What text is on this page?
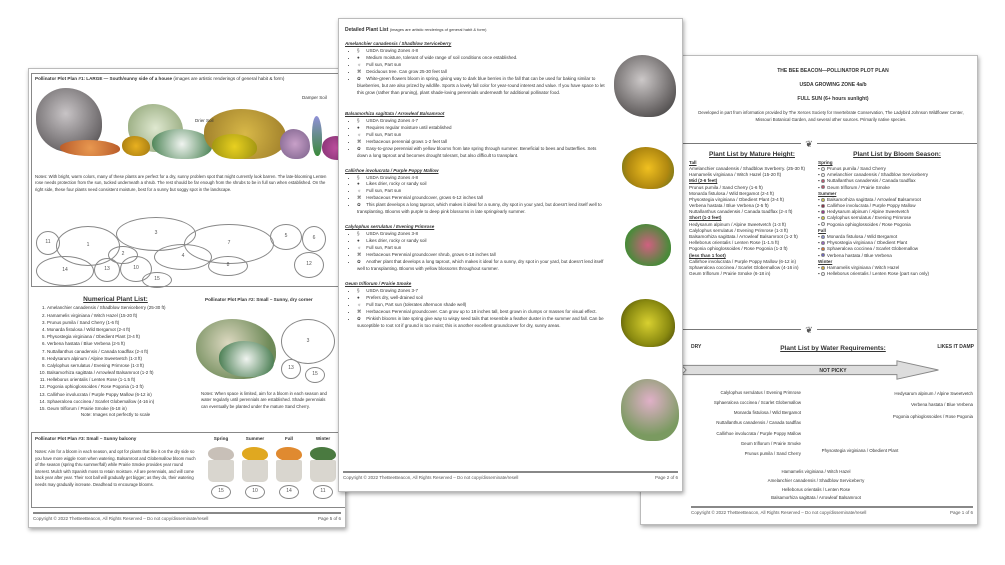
Pollinator Plot Plan #1: LARGE — South/sunny side of a house (images are artistic renderings of general habit & form)
Drier Soil
Damper Soil
Notes: With bright, warm colors, many of these plants are perfect for a dry, sunny problem spot that might currently look barren. The late-blooming Lenten rose needs protection from the sun, tucked underneath a shrub. The rest should be far enough from the shrubs to be in full sun when established. On the right side, these four plants need consistent moisture, best for a sunny but soggy spot in the landscape.
11	1
3
7
5	6
2	4
8
14	13	10
15
12
Numerical Plant List:
1. Amelanchier canadensis / Shadblow Serviceberry (25-30 ft)
2. Hamamelis virginiana / Witch Hazel (15-20 ft)
3. Prunus pumila / Sand Cherry (1-6 ft)
4. Monarda fistulosa / Wild Bergamot (2-4 ft)
5. Physostegia virginiana / Obedient Plant (3-4 ft)
6. Verbena hastata / Blue Verbena (2-5 ft)
7. Nuttallanthus canadensis / Canada toadflax (2-4 ft)
8. Hedysarum alpinum / Alpine Sweetvetch (1-3 ft)
9. Calylophus serrulatus / Evening Primrose (1-3 ft)
10. Balsamorhiza sagittata / Arrowleaf Balsamroot (1-2 ft)
11. Helleborus orientalis / Lenten Rose (1-1.5 ft)
12. Pogonia ophioglossoides / Rose Pogonia (1-3 ft)
13. Callirhoe involucrata / Purple Poppy Mallow (6-12 in)
14. Sphaeralcea coccinea / Scarlet Globemallow (4-16 in)
15. Geum triflorum / Prairie Smoke (6-18 in)
Note: Images not perfectly to scale
Pollinator Plot Plan #2: Small – Sunny, dry corner
3
13
15
Notes: When space is limited, aim for a bloom in each season and water regularly until perennials are established. Shade perennials can eventually be planted under the mature Sand Cherry.
Pollinator Plot Plan #3: Small – Sunny balcony
Notes: Aim for a bloom in each season, and opt for plants that like it on the dry side so you have more wiggle room when watering. Balsamroot and Globemallow bloom much of the season (spring thru summer/fall) while Prairie Smoke provides year round interest. Mulch with Spanish moss to retain moisture. All are perennials, and will come back year after year. Their root ball will gradually get bigger; as they do, their watering needs may gradually increase. Deadhead to encourage blooms.
Spring
15
Summer
10
Fall
14
Winter
11
Copyright © 2022 TheBeeBeacon, All Rights Reserved – Do not copy/disseminate/resell	Page 5 of 6
THE BEE BEACON—POLLINATOR PLOT PLAN
USDA GROWING ZONE 4a/b
FULL SUN (6+ hours sunlight)
Developed in part from information provided by The Xerces Society for Invertebrate Conservation, The Ladybird Johnson Wildflower Center, Missouri Botanical Garden, and several other sources. Primarily native species.
❦
Plant List by Mature Height:
Tall
Amelanchier canadensis / Shadblow Sverberry. (25-30 ft)
Hamamelis virginiana / Witch Hazel (15-20 ft)
Mid (2-6 feet)
Prunus pumila / Sand Cherry (1-6 ft)
Monarda fistulosa / Wild Bergamot (2-4 ft)
Physostegia virginiana / Obedient Plant (3-4 ft)
Verbena hastata / Blue Verbena (2-5 ft)
Nuttallanthus canadensis / Canada toadflax (2-4 ft)
Short (1-3 feet)
Hedysarum alpinum / Alpine Sweetvetch (1-3 ft)
Calylophus serrulatus / Evening Primrose (1-3 ft)
Balsamorhiza sagittata / Arrowleaf Balsamroot (1-2 ft)
Helleborus orientalis / Lenten Rose (1-1.5 ft)
Pogonia ophioglossoides / Rose Pogonia (1-3 ft)
(less than 1 foot)
Callirhoe involucrata / Purple Poppy Mallow (6-12 in)
Sphaeralcea coccinea / Scarlet Globemallow (4-16 in)
Geum triflorum / Prairie Smoke (6-18 in)
Plant List by Bloom Season:
Spring
▪ Prunus pumila / Sand Cherry
▪ Amelanchier canadensis / Shadblow Serviceberry
▪ Nuttallanthus canadensis / Canada toadflax
▪ Geum triflorum / Prairie Smoke
Summer
▪ Balsamorhiza sagittata / Arrowleaf Balsamroot
▪ Callirhoe involucrata / Purple Poppy Mallow
▪ Hedysarum alpinum / Alpine Sweetvetch
▪ Calylophus serrulatus / Evening Primrose
▪ Pogonia ophioglossoides / Rose Pogonia
Fall
▪ Monarda fistulosa / Wild Bergamot
▪ Physostegia virginiana / Obedient Plant
▪ Sphaeralcea coccinea / Scarlet Globemallow
▪ Verbena hastata / Blue Verbena
Winter
▪ Hamamelis virginiana / Witch Hazel
▪ Helleborus orientalis / Lenten Rose (part sun only)
❦
Plant List by Water Requirements:
DRY	LIKES IT DAMP
NOT PICKY
Calylophus serrulatus / Evening Primrose
Sphaeralcea coccinea / Scarlet Globemallow
Monarda fistulosa / Wild Bergamot
Nuttallanthus canadensis / Canada toadflax
Callirhoe involucrata / Purple Poppy Mallow
Geum triflorum / Prairie Smoke
Prunus pumila / Sand Cherry
Hamamelis virginiana / Witch Hazel
Amelanchier canadensis / Shadblow Serviceberry
Helleborus orientalis / Lenten Rose
Balsamorhiza sagittata / Arrowleaf Balsamroot
Physostegia virginiana / Obedient Plant
Hedysarum alpinum / Alpine Sweetvetch
Verbena hastata / Blue Verbena
Pogonia ophioglossoides / Rose Pogonia
Copyright © 2022 TheBeeBeacon, All Rights Reserved – Do not copy/disseminate/resell	Page 1 of 6
Detailed Plant List (images are artistic renderings of general habit & form)
Amelanchier canadensis / Shadblow Serviceberry
• § USDA Growing Zones 4-8
• ● Medium moisture, tolerant of wide range of soil conditions once established.
• ☼ Full sun, Part sun
• ⌘ Deciduous tree. Can grow 25-30 feet tall
• ✿ White-green flowers bloom in spring, giving way to dark blue berries in the fall that can be used for baking similar to blueberries, but are also prized by wildlife. Sports a lovely fall color for year-round interest and value. If you have space to let this grow (rather than pruning), plant shade-loving perennials underneath for additional pollinator food.
Balsamorhiza sagittata / Arrowleaf Balsamroot
• § USDA Growing Zones 4-7
• ● Requires regular moisture until established
• ☼ Full sun, Part sun
• ⌘ Herbaceous perennial grows 1-2 feet tall
• ✿ Easy-to-grow perennial with yellow blooms from late spring through summer. Beneficial to bees and butterflies. Sets down a long taproot and becomes drought tolerant, but also difficult to transplant.
Callirhoe involucrata / Purple Poppy Mallow
• § USDA Growing Zones 4-8
• ● Likes drier, rocky or sandy soil
• ☼ Full sun, Part sun
• ⌘ Herbaceous Perennial groundcover, grows 6-12 inches tall
• ✿ This plant develops a long taproot, which makes it ideal for a sunny, dry spot in your yard, but doesn't lend itself well to transplanting. Blooms with purple to deep pink blossoms in late spring/early summer.
Calylophus serrulatus / Evening Primrose
• § USDA Growing Zones 3-8
• ● Likes drier, rocky or sandy soil
• ☼ Full sun, Part sun
• ⌘ Herbaceous Perennial groundcover shrub, grows 6-18 inches tall
• ✿ Another plant that develops a long taproot, which makes it ideal for a sunny, dry spot in your yard, but doesn't lend itself well to transplanting. Blooms with yellow blossoms throughout summer.
Geum triflorum / Prairie Smoke
• § USDA Growing Zones 3-7
• ● Prefers dry, well-drained soil
• ☼ Full Sun, Part sun (tolerates afternoon shade well)
• ⌘ Herbaceous Perennial groundcover. Can grow up to 18 inches tall, best grown in clumps or masses for visual effect.
• ✿ Pinkish blooms in late spring give way to wispy seed tails that resemble a feather duster in the summer and fall. Can be susceptible to root rot if ground is too moist; this is another excellent groundcover for dry, sunny areas.
Copyright © 2022 TheBeeBeacon, All Rights Reserved – Do not copy/disseminate/resell	Page 2 of 6
